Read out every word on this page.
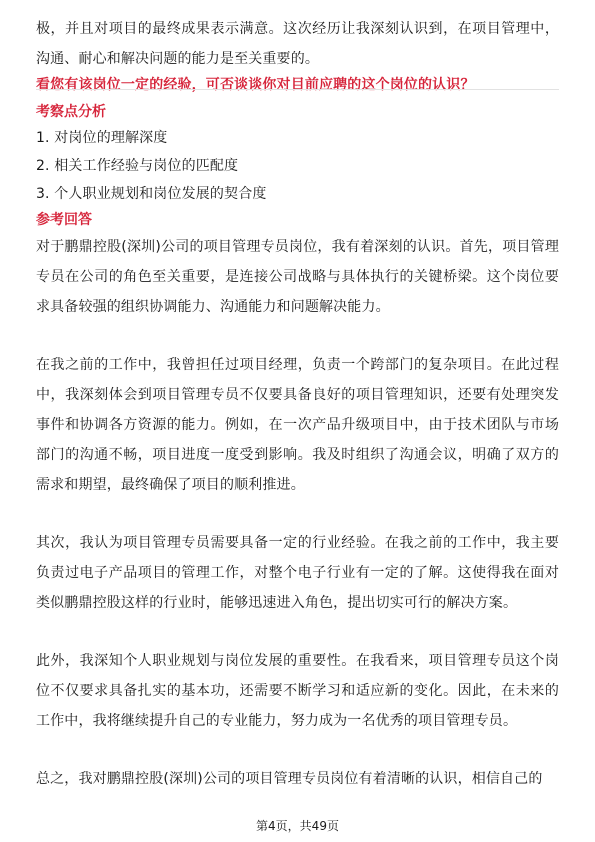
极，并且对项目的最终成果表示满意。这次经历让我深刻认识到，在项目管理中，沟通、耐心和解决问题的能力是至关重要的。

看您有该岗位一定的经验，可否谈谈你对目前应聘的这个岗位的认识？

考察点分析

1. 对岗位的理解深度
2. 相关工作经验与岗位的匹配度
3. 个人职业规划和岗位发展的契合度

参考回答

对于鹏鼎控股(深圳)公司的项目管理专员岗位，我有着深刻的认识。首先，项目管理专员在公司的角色至关重要，是连接公司战略与具体执行的关键桥梁。这个岗位要求具备较强的组织协调能力、沟通能力和问题解决能力。

在我之前的工作中，我曾担任过项目经理，负责一个跨部门的复杂项目。在此过程中，我深刻体会到项目管理专员不仅要具备良好的项目管理知识，还要有处理突发事件和协调各方资源的能力。例如，在一次产品升级项目中，由于技术团队与市场部门的沟通不畅，项目进度一度受到影响。我及时组织了沟通会议，明确了双方的需求和期望，最终确保了项目的顺利推进。

其次，我认为项目管理专员需要具备一定的行业经验。在我之前的工作中，我主要负责过电子产品项目的管理工作，对整个电子行业有一定的了解。这使得我在面对类似鹏鼎控股这样的行业时，能够迅速进入角色，提出切实可行的解决方案。

此外，我深知个人职业规划与岗位发展的重要性。在我看来，项目管理专员这个岗位不仅要求具备扎实的基本功，还需要不断学习和适应新的变化。因此，在未来的工作中，我将继续提升自己的专业能力，努力成为一名优秀的项目管理专员。

总之，我对鹏鼎控股(深圳)公司的项目管理专员岗位有着清晰的认识，相信自己的

第4页，共49页
